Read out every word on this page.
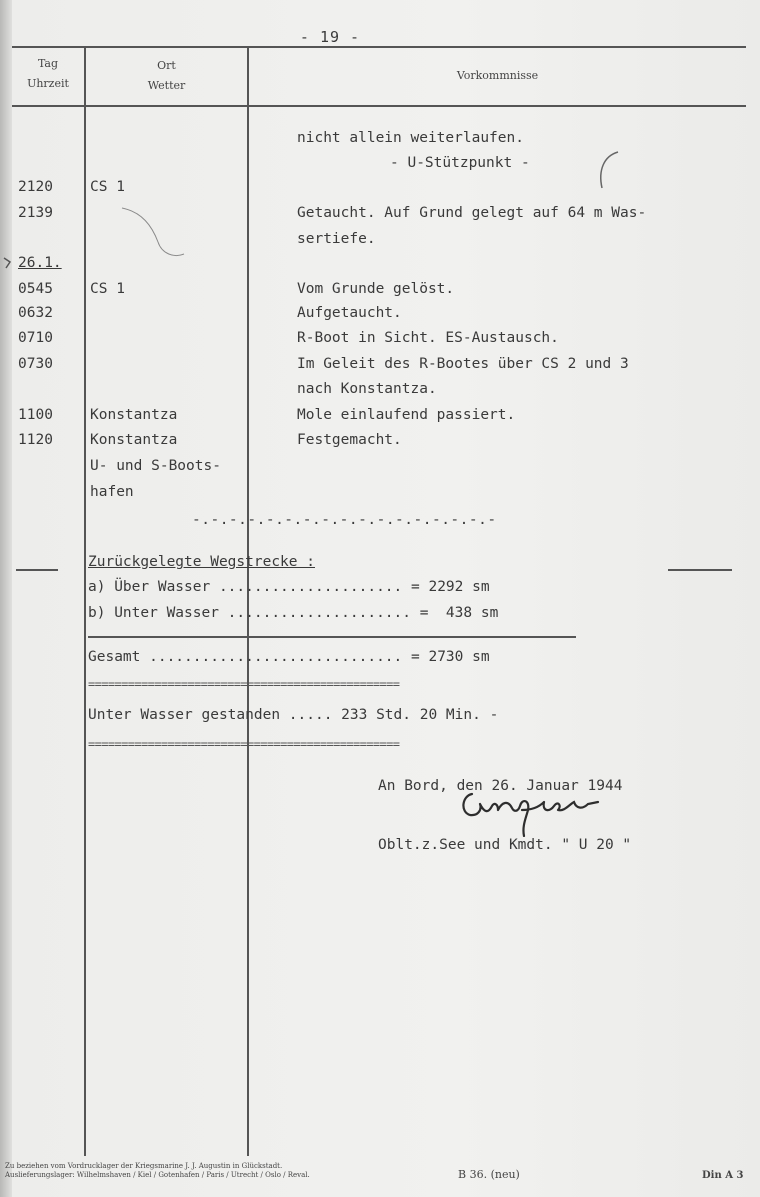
- 19 -
Tag
Uhrzeit
Ort
Wetter
Vorkommnisse
2120
2139
26.1.
0545
0632
0710
0730
1100
1120
CS 1
CS 1
Konstantza
Konstantza
U- und S-Boots-
hafen
nicht allein weiterlaufen.
- U-Stützpunkt -
Getaucht. Auf Grund gelegt auf 64 m Was-
sertiefe.
Vom Grunde gelöst.
Aufgetaucht.
R-Boot in Sicht. ES-Austausch.
Im Geleit des R-Bootes über CS 2 und 3
nach Konstantza.
Mole einlaufend passiert.
Festgemacht.
-.-.-.-.-.-.-.-.-.-.-.-.-.-.-.-.-
Zurückgelegte Wegstrecke :
a) Über Wasser ..................... = 2292 sm
b) Unter Wasser ..................... =  438 sm
Gesamt ............................. = 2730 sm
===============================================
Unter Wasser gestanden ..... 233 Std. 20 Min. -
===============================================
An Bord, den 26. Januar 1944
Oblt.z.See und Kmdt. " U 20 "
Zu beziehen vom Vordrucklager der Kriegsmarine J. J. Augustin in Glückstadt.
Auslieferungslager: Wilhelmshaven / Kiel / Gotenhafen / Paris / Utrecht / Oslo / Reval.	B 36. (neu)	Din A 3
